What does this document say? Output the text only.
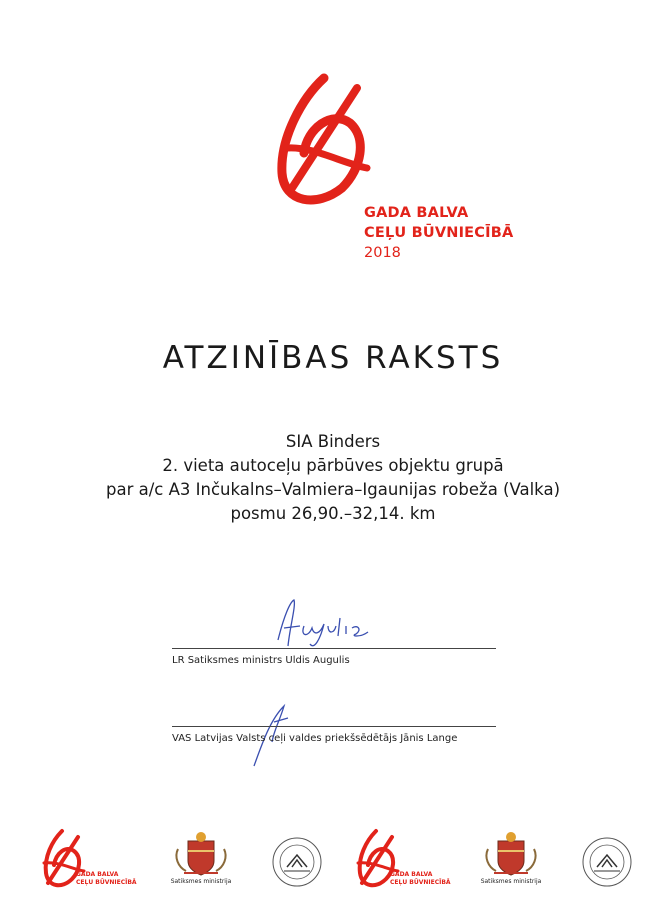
GADA BALVA
CEĻU BŪVNIECĪBĀ
2018
ATZINĪBAS RAKSTS
SIA Binders
2. vieta autoceļu pārbūves objektu grupā
par a/c A3 Inčukalns–Valmiera–Igaunijas robeža (Valka)
posmu 26,90.–32,14. km
LR Satiksmes ministrs Uldis Augulis
VAS Latvijas Valsts ceļi valdes priekšsēdētājs Jānis Lange
GADA BALVA
CEĻU BŪVNIECĪBĀ	Satiksmes ministrija
GADA BALVA
CEĻU BŪVNIECĪBĀ	Satiksmes ministrija
